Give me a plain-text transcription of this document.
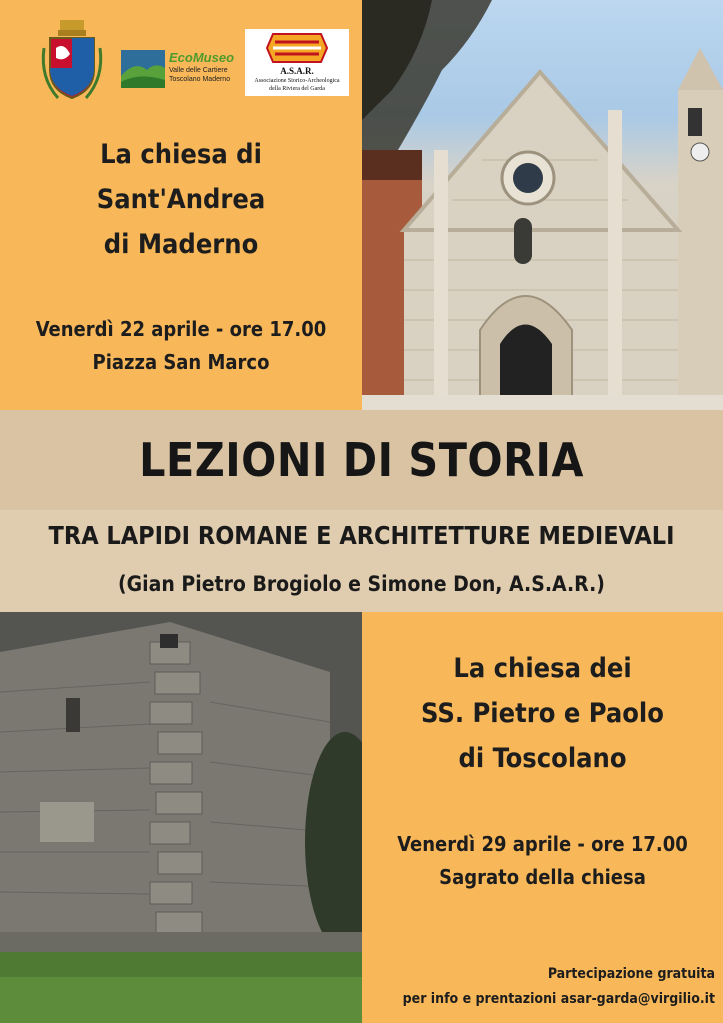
EcoMuseo
Valle delle Cartiere
Toscolano Maderno
A.S.A.R.
Associazione Storico-Archeologica
della Riviera del Garda
La chiesa di
Sant'Andrea
di Maderno
Venerdì 22 aprile - ore 17.00
Piazza San Marco
LEZIONI DI STORIA
TRA LAPIDI ROMANE E ARCHITETTURE MEDIEVALI
(Gian Pietro Brogiolo e Simone Don, A.S.A.R.)
La chiesa dei
SS. Pietro e Paolo
di Toscolano
Venerdì 29 aprile - ore 17.00
Sagrato della chiesa
Partecipazione gratuita
per info e prentazioni asar-garda@virgilio.it
